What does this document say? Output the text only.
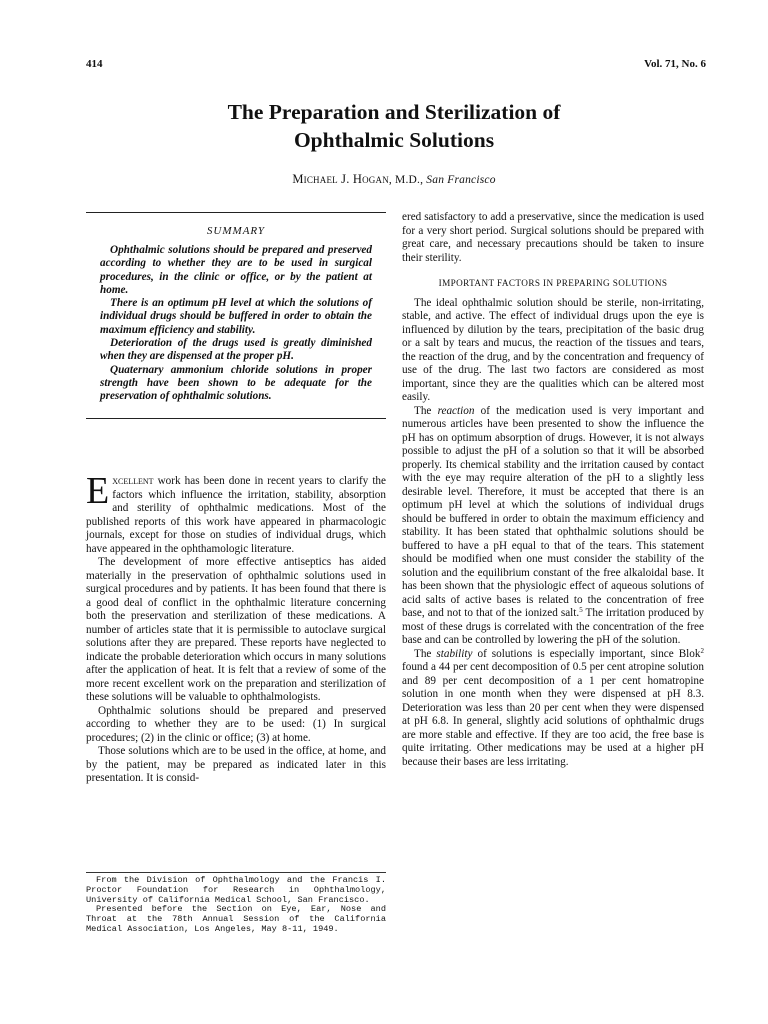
414	Vol. 71, No. 6
The Preparation and Sterilization of
Ophthalmic Solutions
Michael J. Hogan, M.D., San Francisco
SUMMARY

Ophthalmic solutions should be prepared and preserved according to whether they are to be used in surgical procedures, in the clinic or office, or by the patient at home.

There is an optimum pH level at which the solutions of individual drugs should be buffered in order to obtain the maximum efficiency and stability.

Deterioration of the drugs used is greatly diminished when they are dispensed at the proper pH.

Quaternary ammonium chloride solutions in proper strength have been shown to be adequate for the preservation of ophthalmic solutions.

Excellent work has been done in recent years to clarify the factors which influence the irritation, stability, absorption and sterility of ophthalmic medications. Most of the published reports of this work have appeared in pharmacologic journals, except for those on studies of individual drugs, which have appeared in the ophthamologic literature.

The development of more effective antiseptics has aided materially in the preservation of ophthalmic solutions used in surgical procedures and by patients. It has been found that there is a good deal of conflict in the ophthalmic literature concerning both the preservation and sterilization of these medications. A number of articles state that it is permissible to autoclave surgical solutions after they are prepared. These reports have neglected to indicate the probable deterioration which occurs in many solutions after the application of heat. It is felt that a review of some of the more recent excellent work on the preparation and sterilization of these solutions will be valuable to ophthalmologists.

Ophthalmic solutions should be prepared and preserved according to whether they are to be used: (1) In surgical procedures; (2) in the clinic or office; (3) at home.

Those solutions which are to be used in the office, at home, and by the patient, may be prepared as indicated later in this presentation. It is consid-

From the Division of Ophthalmology and the Francis I. Proctor Foundation for Research in Ophthalmology, University of California Medical School, San Francisco.

Presented before the Section on Eye, Ear, Nose and Throat at the 78th Annual Session of the California Medical Association, Los Angeles, May 8-11, 1949.

ered satisfactory to add a preservative, since the medication is used for a very short period. Surgical solutions should be prepared with great care, and necessary precautions should be taken to insure their sterility.

IMPORTANT FACTORS IN PREPARING SOLUTIONS

The ideal ophthalmic solution should be sterile, non-irritating, stable, and active. The effect of individual drugs upon the eye is influenced by dilution by the tears, precipitation of the basic drug or a salt by tears and mucus, the reaction of the tissues and tears, the reaction of the drug, and by the concentration and frequency of use of the drug. The last two factors are considered as most important, since they are the qualities which can be altered most easily.

The reaction of the medication used is very important and numerous articles have been presented to show the influence the pH has on optimum absorption of drugs. However, it is not always possible to adjust the pH of a solution so that it will be absorbed properly. Its chemical stability and the irritation caused by contact with the eye may require alteration of the pH to a slightly less desirable level. Therefore, it must be accepted that there is an optimum pH level at which the solutions of individual drugs should be buffered in order to obtain the maximum efficiency and stability. It has been stated that ophthalmic solutions should be buffered to have a pH equal to that of the tears. This statement should be modified when one must consider the stability of the solution and the equilibrium constant of the free alkaloidal base. It has been shown that the physiologic effect of aqueous solutions of acid salts of active bases is related to the concentration of free base, and not to that of the ionized salt.$^5$ The irritation produced by most of these drugs is correlated with the concentration of the free base and can be controlled by lowering the pH of the solution.

The stability of solutions is especially important, since Blok$^2$ found a 44 per cent decomposition of 0.5 per cent atropine solution and 89 per cent decomposition of a 1 per cent homatropine solution in one month when they were dispensed at pH 8.3. Deterioration was less than 20 per cent when they were dispensed at pH 6.8. In general, slightly acid solutions of ophthalmic drugs are more stable and effective. If they are too acid, the free base is quite irritating. Other medications may be used at a higher pH because their bases are less irritating.
